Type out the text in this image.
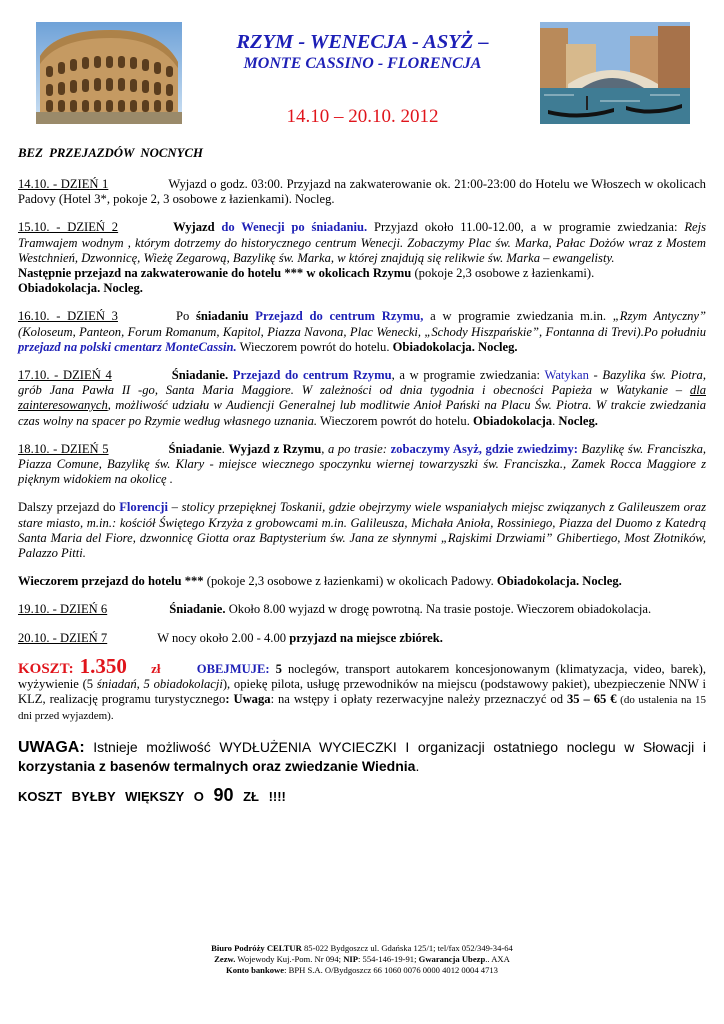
RZYM - WENECJA - ASYŻ –
MONTE CASSINO - FLORENCJA
14.10 – 20.10. 2012
BEZ PRZEJAZDÓW NOCNYCH

14.10. - DZIEŃ 1	Wyjazd o godz. 03:00. Przyjazd na zakwaterowanie ok. 21:00-23:00 do Hotelu we Włoszech w okolicach Padovy (Hotel 3*, pokoje 2, 3 osobowe z łazienkami). Nocleg.

15.10. - DZIEŃ 2	Wyjazd do Wenecji po śniadaniu. Przyjazd około 11.00-12.00, a w programie zwiedzania: Rejs Tramwajem wodnym , którym dotrzemy do historycznego centrum Wenecji. Zobaczymy Plac św. Marka, Pałac Dożów wraz z Mostem Westchnień, Dzwonnicę, Wieżę Zegarową, Bazylikę św. Marka, w której znajdują się relikwie św. Marka – ewangelisty.
Następnie przejazd na zakwaterowanie do hotelu *** w okolicach Rzymu (pokoje 2,3 osobowe z łazienkami).
Obiadokolacja. Nocleg.

16.10. - DZIEŃ 3	Po śniadaniu Przejazd do centrum Rzymu, a w programie zwiedzania m.in. „Rzym Antyczny” (Koloseum, Panteon, Forum Romanum, Kapitol, Piazza Navona, Plac Wenecki, „Schody Hiszpańskie”, Fontanna di Trevi).Po południu przejazd na polski cmentarz MonteCassin. Wieczorem powrót do hotelu. Obiadokolacja. Nocleg.

17.10. - DZIEŃ 4	Śniadanie. Przejazd do centrum Rzymu, a w programie zwiedzania: Watykan - Bazylika św. Piotra, grób Jana Pawła II -go, Santa Maria Maggiore. W zależności od dnia tygodnia i obecności Papieża w Watykanie – dla zainteresowanych, możliwość udziału w Audiencji Generalnej lub modlitwie Anioł Pański na Placu Św. Piotra. W trakcie zwiedzania czas wolny na spacer po Rzymie według własnego uznania. Wieczorem powrót do hotelu. Obiadokolacja. Nocleg.

18.10. - DZIEŃ 5	Śniadanie. Wyjazd z Rzymu, a po trasie: zobaczymy Asyż, gdzie zwiedzimy: Bazylikę św. Franciszka, Piazza Comune, Bazylikę św. Klary - miejsce wiecznego spoczynku wiernej towarzyszki św. Franciszka., Zamek Rocca Maggiore z pięknym widokiem na okolicę .

Dalszy przejazd do Florencji – stolicy przepięknej Toskanii, gdzie obejrzymy wiele wspaniałych miejsc związanych z Galileuszem oraz stare miasto, m.in.: kościół Świętego Krzyża z grobowcami m.in. Galileusza, Michała Anioła, Rossiniego, Piazza del Duomo z Katedrą Santa Maria del Fiore, dzwonnicę Giotta oraz Baptysterium św. Jana ze słynnymi „Rajskimi Drzwiami” Ghibertiego, Most Złotników, Palazzo Pitti.

Wieczorem przejazd do hotelu *** (pokoje 2,3 osobowe z łazienkami) w okolicach Padowy. Obiadokolacja. Nocleg.

19.10. - DZIEŃ 6	Śniadanie. Około 8.00 wyjazd w drogę powrotną. Na trasie postoje. Wieczorem obiadokolacja.

20.10. - DZIEŃ 7	W nocy około 2.00 - 4.00 przyjazd na miejsce zbiórek.

KOSZT: 1.350 zł	OBEJMUJE: 5 noclegów, transport autokarem koncesjonowanym (klimatyzacja, video, barek), wyżywienie (5 śniadań, 5 obiadokolacji), opiekę pilota, usługę przewodników na miejscu (podstawowy pakiet), ubezpieczenie NNW i KLZ, realizację programu turystycznego: Uwaga: na wstępy i opłaty rezerwacyjne należy przeznaczyć od 35 – 65 € (do ustalenia na 15 dni przed wyjazdem).

UWAGA: Istnieje możliwość WYDŁUŻENIA WYCIECZKI I organizacji ostatniego noclegu w Słowacji i korzystania z basenów termalnych oraz zwiedzanie Wiednia.

KOSZT BYŁBY WIĘKSZY O 90 ZŁ !!!!

Biuro Podróży CELTUR 85-022 Bydgoszcz ul. Gdańska 125/1; tel/fax 052/349-34-64
Zezw. Wojewody Kuj.-Pom. Nr 094; NIP: 554-146-19-91; Gwarancja Ubezp.. AXA
Konto bankowe: BPH S.A. O/Bydgoszcz 66 1060 0076 0000 4012 0004 4713
